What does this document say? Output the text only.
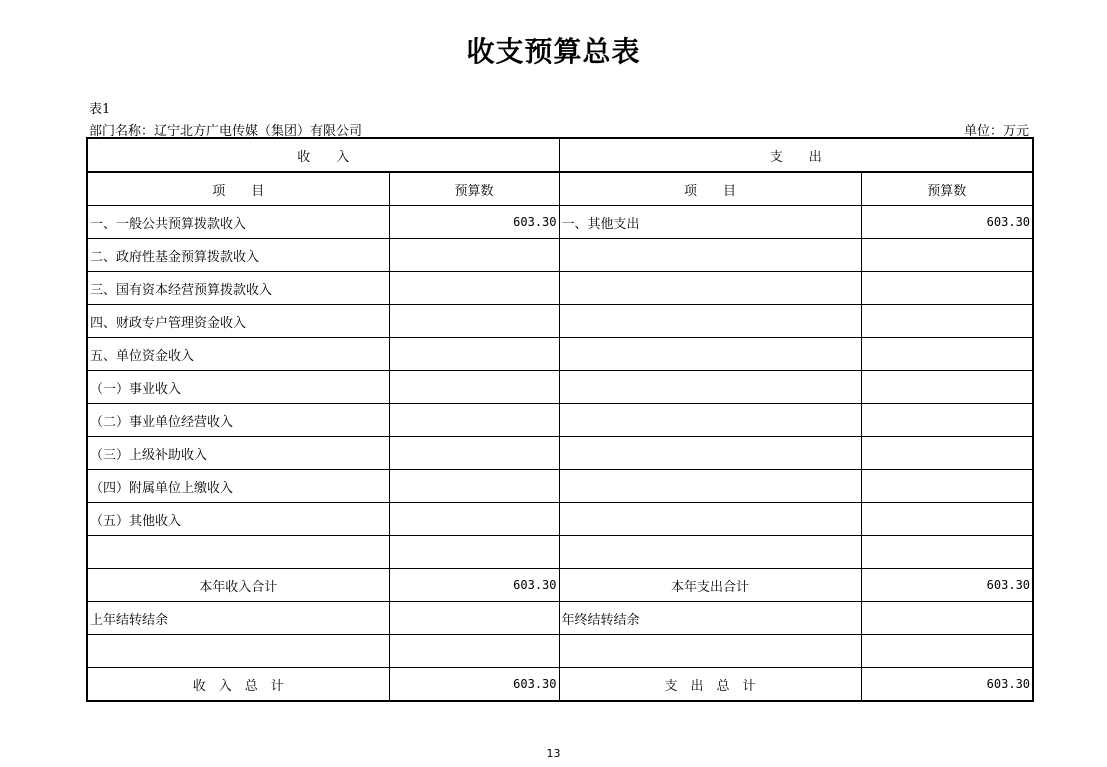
收支预算总表
表1
部门名称：辽宁北方广电传媒（集团）有限公司	单位：万元
收　　入		支　　出	
项　　目	预算数	项　　目	预算数
一、一般公共预算拨款收入	603.30	一、其他支出	603.30
二、政府性基金预算拨款收入			
三、国有资本经营预算拨款收入			
四、财政专户管理资金收入			
五、单位资金收入			
（一）事业收入			
（二）事业单位经营收入			
（三）上级补助收入			
（四）附属单位上缴收入			
（五）其他收入			

本年收入合计	603.30	本年支出合计	603.30
上年结转结余		年终结转结余	

收　入　总　计	603.30	支　出　总　计	603.30
13
